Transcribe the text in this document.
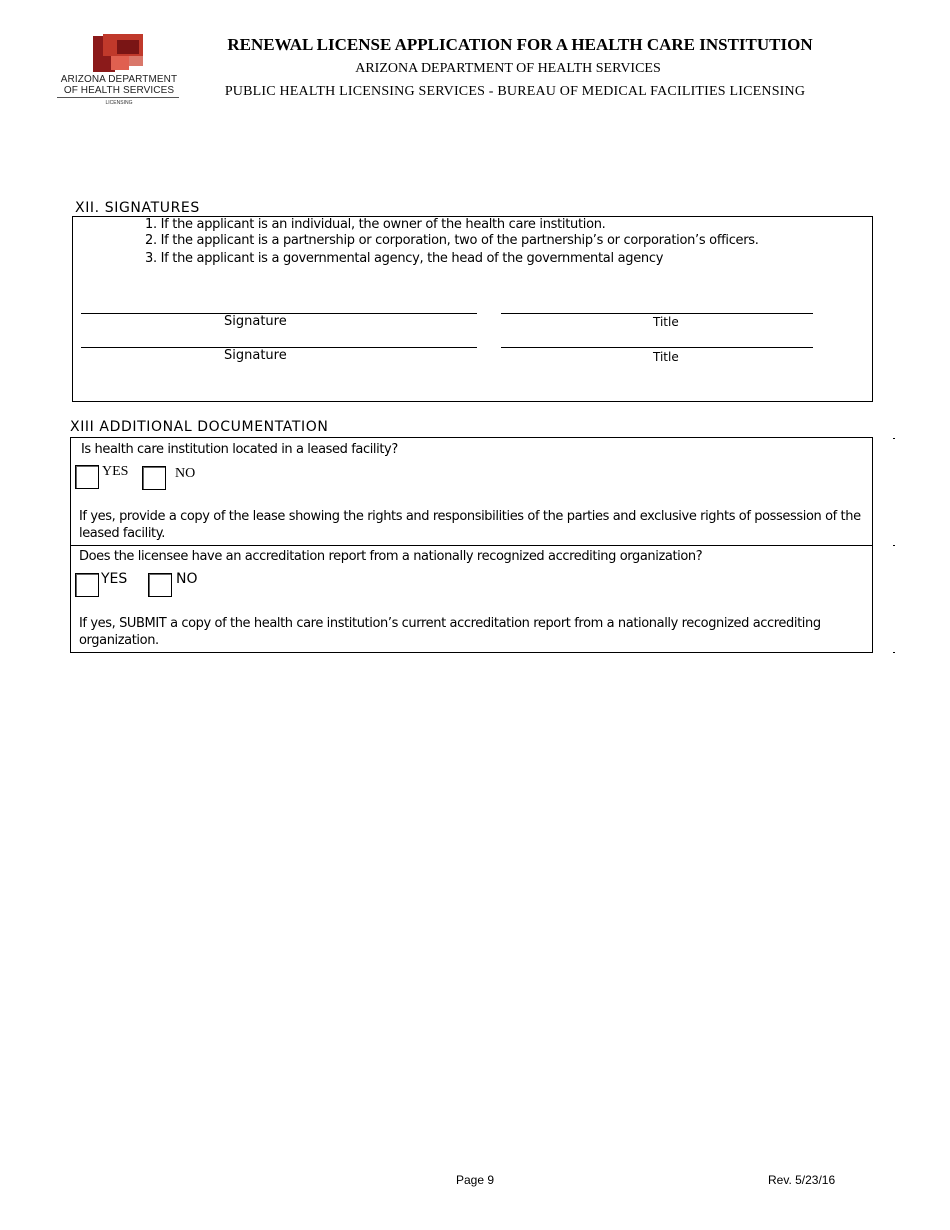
ARIZONA DEPARTMENT
OF HEALTH SERVICES
LICENSING
RENEWAL LICENSE APPLICATION FOR A HEALTH CARE INSTITUTION
ARIZONA DEPARTMENT OF HEALTH SERVICES
PUBLIC HEALTH LICENSING SERVICES - BUREAU OF MEDICAL FACILITIES LICENSING
XII. SIGNATURES
1. If the applicant is an individual, the owner of the health care institution.
2. If the applicant is a partnership or corporation, two of the partnership’s or corporation’s officers.
3. If the applicant is a governmental agency, the head of the governmental agency
Signature	Title
Signature	Title
XIII ADDITIONAL DOCUMENTATION
Is health care institution located in a leased facility?
YES	NO
If yes, provide a copy of the lease showing the rights and responsibilities of the parties and exclusive rights of possession of the leased facility.
Does the licensee have an accreditation report from a nationally recognized accrediting organization?
YES	NO
If yes, SUBMIT a copy of the health care institution’s current accreditation report from a nationally recognized accrediting organization.
Page 9	Rev. 5/23/16
